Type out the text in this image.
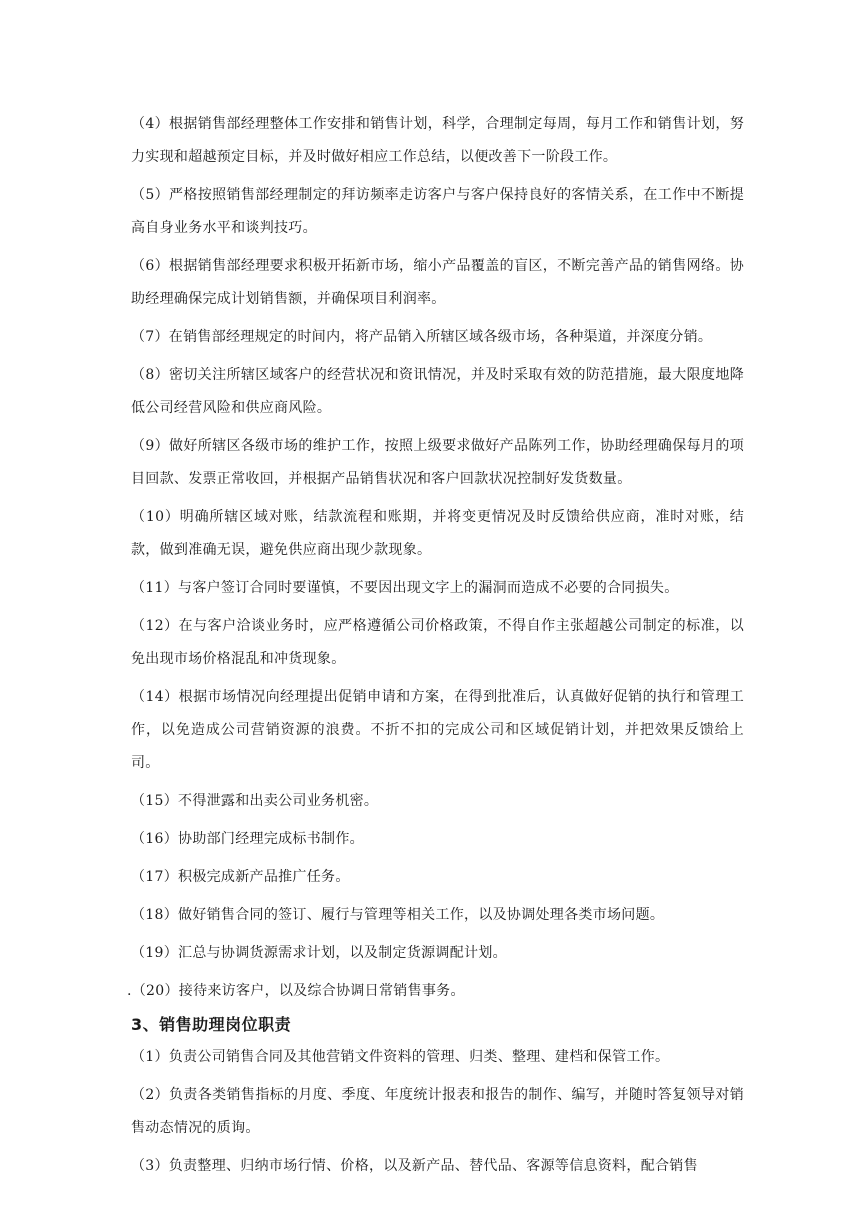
（4）根据销售部经理整体工作安排和销售计划，科学，合理制定每周，每月工作和销售计划，努力实现和超越预定目标，并及时做好相应工作总结，以便改善下一阶段工作。

（5）严格按照销售部经理制定的拜访频率走访客户与客户保持良好的客情关系，在工作中不断提高自身业务水平和谈判技巧。

（6）根据销售部经理要求积极开拓新市场，缩小产品覆盖的盲区，不断完善产品的销售网络。协助经理确保完成计划销售额，并确保项目利润率。

（7）在销售部经理规定的时间内，将产品销入所辖区域各级市场，各种渠道，并深度分销。

（8）密切关注所辖区域客户的经营状况和资讯情况，并及时采取有效的防范措施，最大限度地降低公司经营风险和供应商风险。

（9）做好所辖区各级市场的维护工作，按照上级要求做好产品陈列工作，协助经理确保每月的项目回款、发票正常收回，并根据产品销售状况和客户回款状况控制好发货数量。

（10）明确所辖区域对账，结款流程和账期，并将变更情况及时反馈给供应商，准时对账，结款，做到准确无误，避免供应商出现少款现象。

（11）与客户签订合同时要谨慎，不要因出现文字上的漏洞而造成不必要的合同损失。

（12）在与客户洽谈业务时，应严格遵循公司价格政策，不得自作主张超越公司制定的标准，以免出现市场价格混乱和冲货现象。

（14）根据市场情况向经理提出促销申请和方案，在得到批准后，认真做好促销的执行和管理工作，以免造成公司营销资源的浪费。不折不扣的完成公司和区域促销计划，并把效果反馈给上司。

（15）不得泄露和出卖公司业务机密。

（16）协助部门经理完成标书制作。

（17）积极完成新产品推广任务。

（18）做好销售合同的签订、履行与管理等相关工作，以及协调处理各类市场问题。

（19）汇总与协调货源需求计划，以及制定货源调配计划。

.（20）接待来访客户，以及综合协调日常销售事务。

3、销售助理岗位职责

（1）负责公司销售合同及其他营销文件资料的管理、归类、整理、建档和保管工作。

（2）负责各类销售指标的月度、季度、年度统计报表和报告的制作、编写，并随时答复领导对销售动态情况的质询。

（3）负责整理、归纳市场行情、价格，以及新产品、替代品、客源等信息资料，配合销售
